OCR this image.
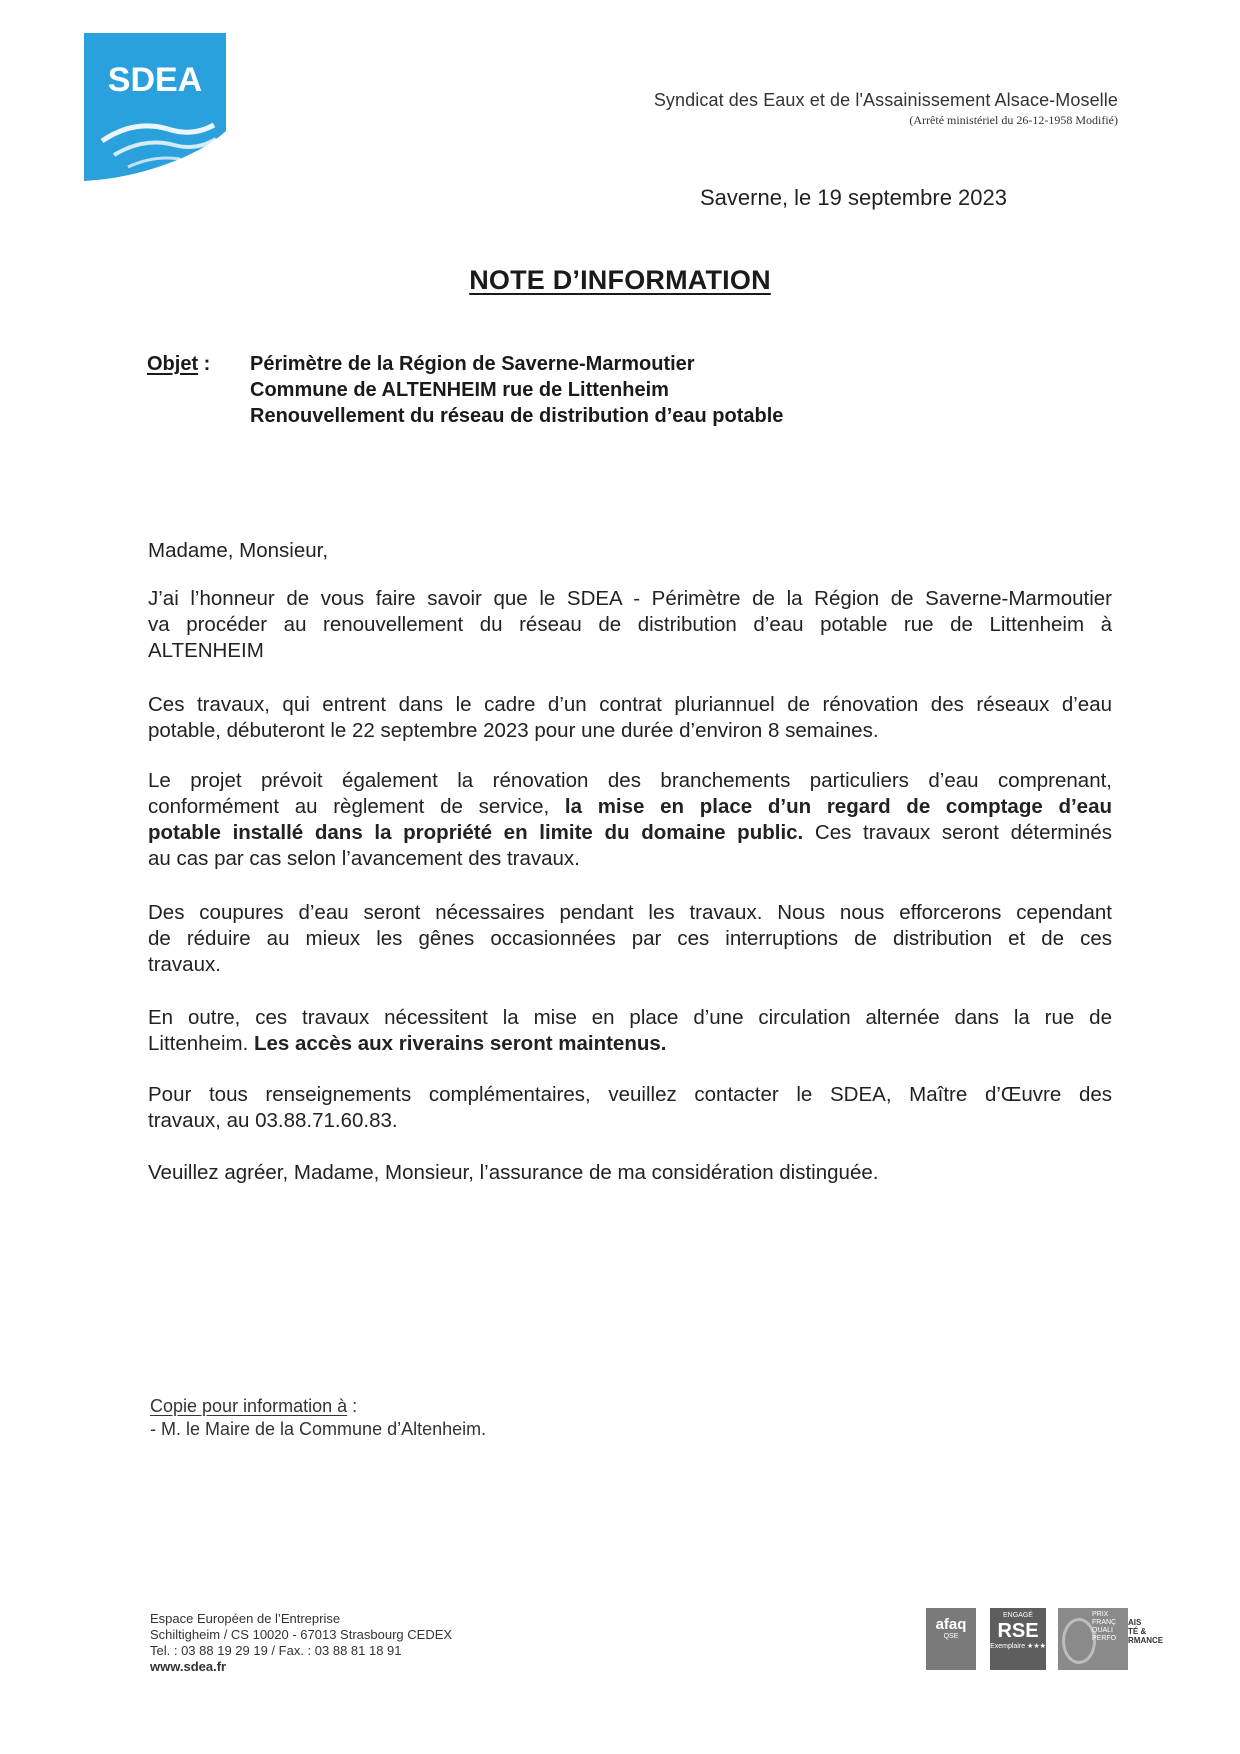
SDEA
Syndicat des Eaux et de l'Assainissement Alsace-Moselle
(Arrêté ministériel du 26-12-1958 Modifié)
Saverne, le 19 septembre 2023
NOTE D’INFORMATION
Objet : Périmètre de la Région de Saverne-Marmoutier
Commune de ALTENHEIM rue de Littenheim
Renouvellement du réseau de distribution d’eau potable
Madame, Monsieur,
J’ai l’honneur de vous faire savoir que le SDEA - Périmètre de la Région de Saverne-Marmoutier
va procéder au renouvellement du réseau de distribution d’eau potable rue de Littenheim à
ALTENHEIM
Ces travaux, qui entrent dans le cadre d’un contrat pluriannuel de rénovation des réseaux d’eau
potable, débuteront le 22 septembre 2023 pour une durée d’environ 8 semaines.
Le projet prévoit également la rénovation des branchements particuliers d’eau comprenant,
conformément au règlement de service, la mise en place d’un regard de comptage d’eau
potable installé dans la propriété en limite du domaine public. Ces travaux seront déterminés
au cas par cas selon l’avancement des travaux.
Des coupures d’eau seront nécessaires pendant les travaux. Nous nous efforcerons cependant
de réduire au mieux les gênes occasionnées par ces interruptions de distribution et de ces
travaux.
En outre, ces travaux nécessitent la mise en place d’une circulation alternée dans la rue de
Littenheim. Les accès aux riverains seront maintenus.
Pour tous renseignements complémentaires, veuillez contacter le SDEA, Maître d’Œuvre des
travaux, au 03.88.71.60.83.
Veuillez agréer, Madame, Monsieur, l’assurance de ma considération distinguée.
Copie pour information à :
- M. le Maire de la Commune d’Altenheim.
Espace Européen de l’Entreprise
Schiltigheim / CS 10020 - 67013 Strasbourg CEDEX
Tel. : 03 88 19 29 19 / Fax. : 03 88 81 18 91
www.sdea.fr
afaq
QSE
ENGAGÉ
RSE
Exemplaire ★★★
PRIX
FRANÇ
QUALI
PERFO
AIS
TÉ &
RMANCE
